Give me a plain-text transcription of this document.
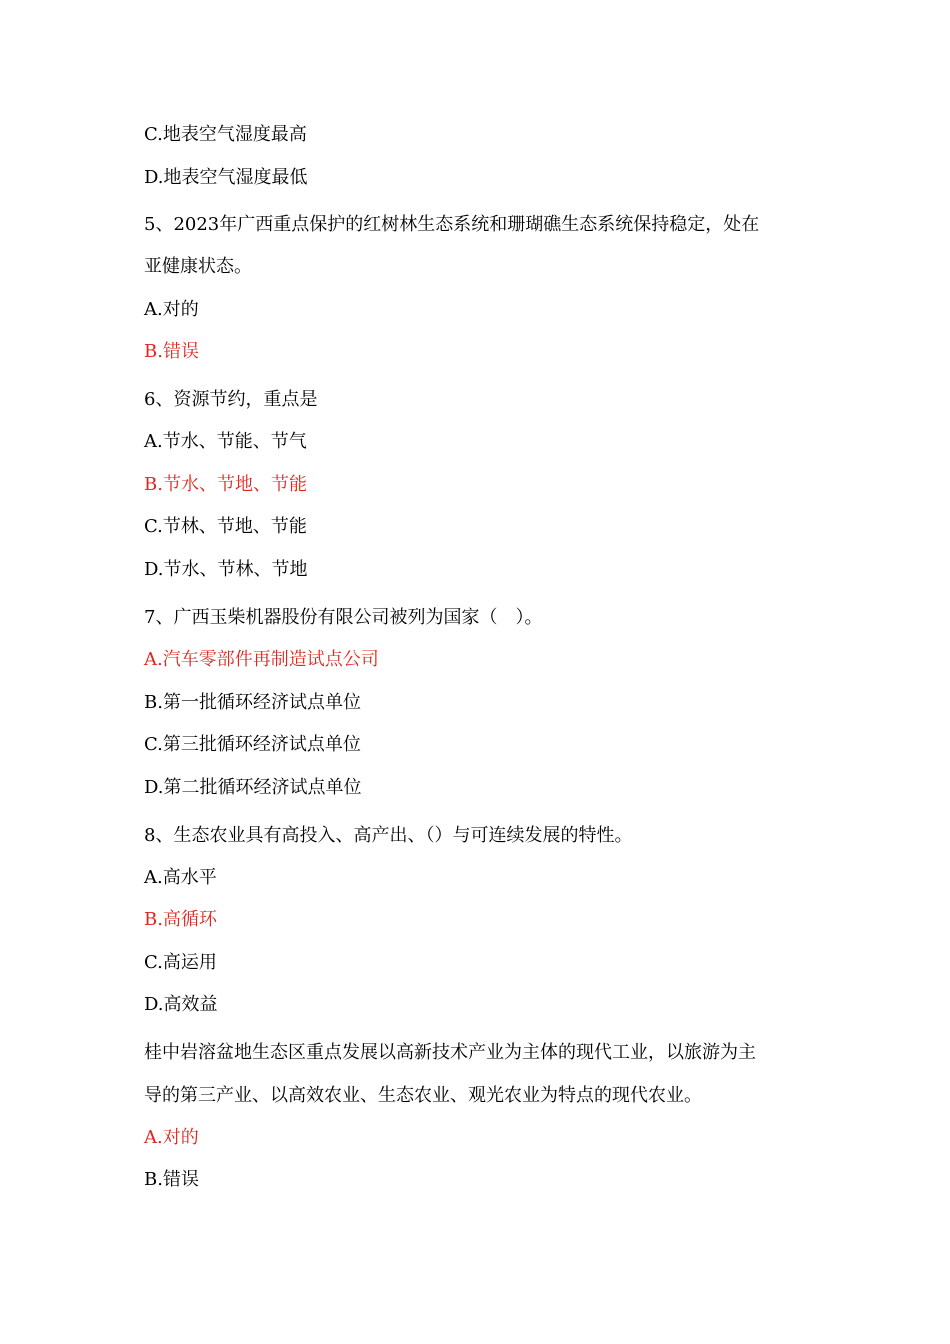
C.地表空气湿度最高
D.地表空气湿度最低
5、2023年广西重点保护的红树林生态系统和珊瑚礁生态系统保持稳定，处在
亚健康状态。
A.对的
B.错误
6、资源节约，重点是
A.节水、节能、节气
B.节水、节地、节能
C.节林、节地、节能
D.节水、节林、节地
7、广西玉柴机器股份有限公司被列为国家（　）。
A.汽车零部件再制造试点公司
B.第一批循环经济试点单位
C.第三批循环经济试点单位
D.第二批循环经济试点单位
8、生态农业具有高投入、高产出、（）与可连续发展的特性。
A.高水平
B.高循环
C.高运用
D.高效益
桂中岩溶盆地生态区重点发展以高新技术产业为主体的现代工业，以旅游为主
导的第三产业、以高效农业、生态农业、观光农业为特点的现代农业。
A.对的
B.错误
